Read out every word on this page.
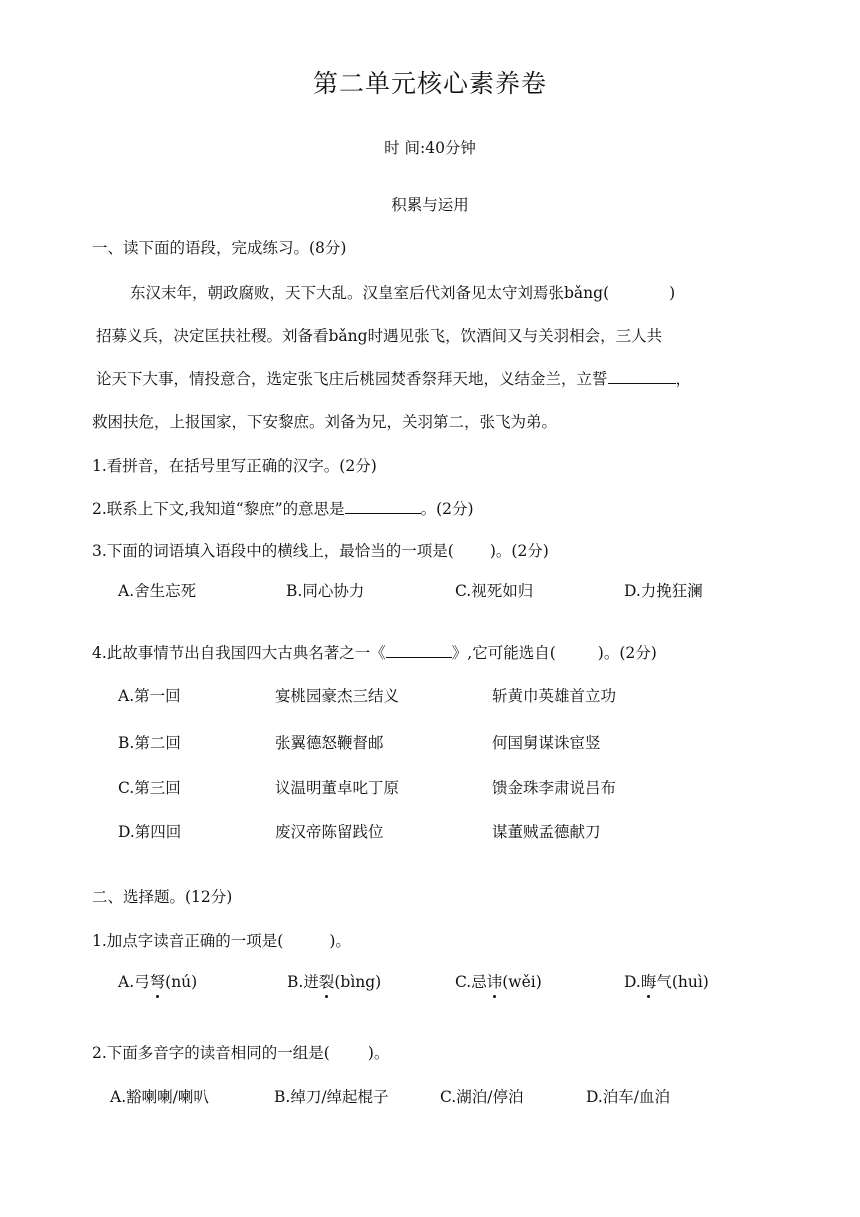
第二单元核心素养卷
时 间:40分钟
积累与运用
一、读下面的语段，完成练习。(8分)
东汉末年，朝政腐败，天下大乱。汉皇室后代刘备见太守刘焉张bǎng(	)
招募义兵，决定匡扶社稷。刘备看bǎng时遇见张飞，饮酒间又与关羽相会，三人共
论天下大事，情投意合，选定张飞庄后桃园焚香祭拜天地，义结金兰，立誓	，
救困扶危，上报国家，下安黎庶。刘备为兄，关羽第二，张飞为弟。
1.看拼音，在括号里写正确的汉字。(2分)
2.联系上下文,我知道“黎庶”的意思是	。(2分)
3.下面的词语填入语段中的横线上，最恰当的一项是( )。(2分)
A.舍生忘死	B.同心协力	C.视死如归	D.力挽狂澜
4.此故事情节出自我国四大古典名著之一《	》,它可能选自(	)。(2分)
A.第一回	宴桃园豪杰三结义	斩黄巾英雄首立功
B.第二回	张翼德怒鞭督邮	何国舅谋诛宦竖
C.第三回	议温明董卓叱丁原	馈金珠李肃说吕布
D.第四回	废汉帝陈留践位	谋董贼孟德献刀
二、选择题。(12分)
1.加点字读音正确的一项是(	)。
A.弓弩(nú)	B.迸裂(bìng)	C.忌讳(wěi)	D.晦气(huì)
2.下面多音字的读音相同的一组是( )。
A.豁喇喇/喇叭	B.绰刀/绰起棍子	C.湖泊/停泊	D.泊车/血泊
